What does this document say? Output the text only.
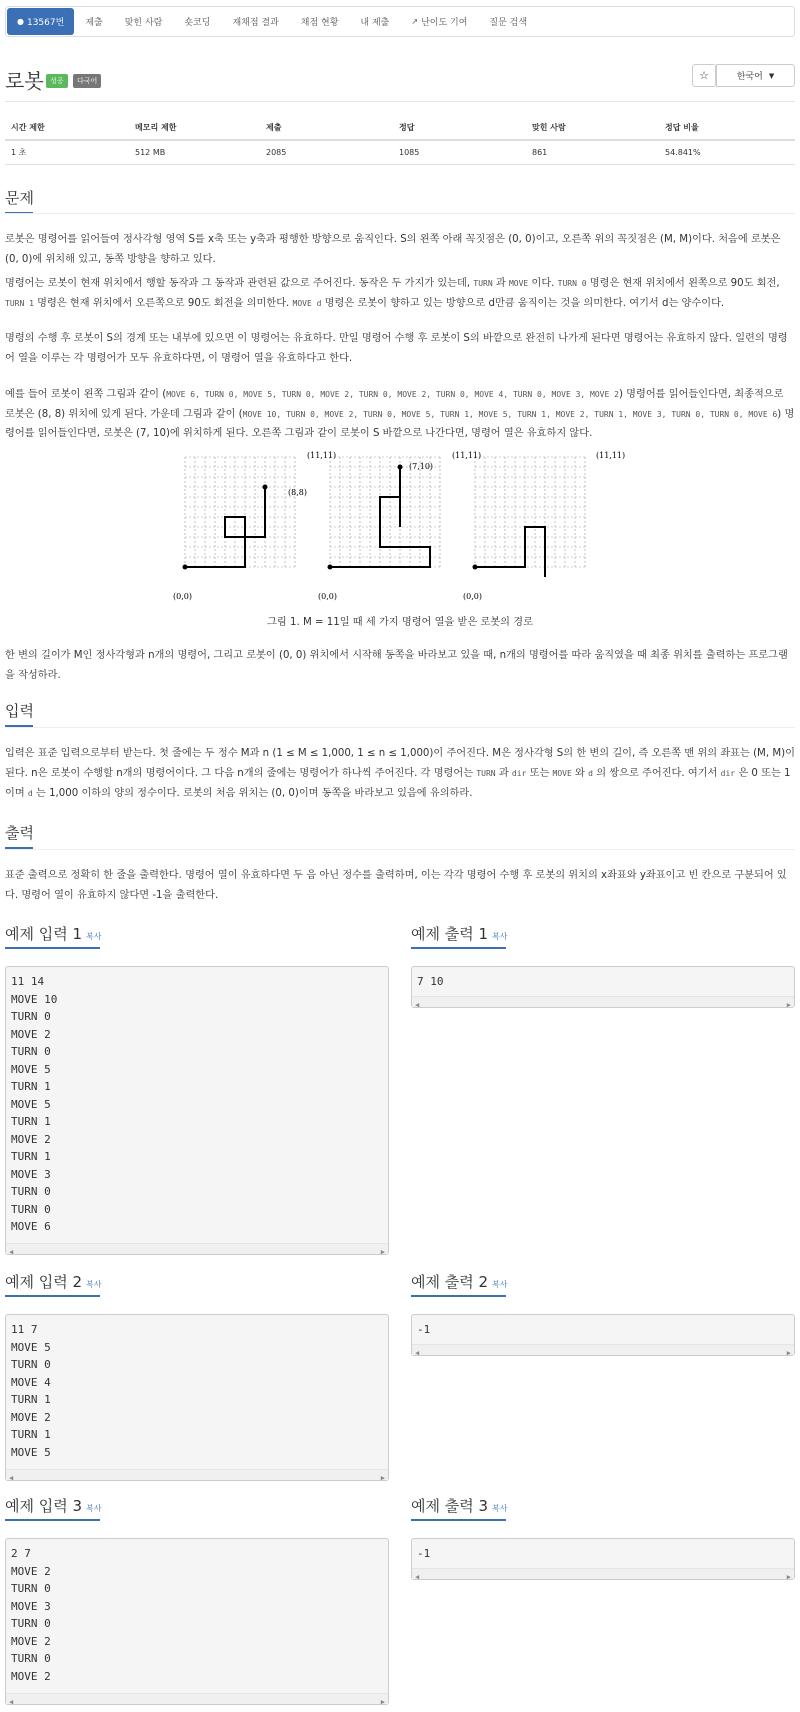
● 13567번	제출	맞힌 사람	숏코딩	재채점 결과	채점 현황	내 제출	↗ 난이도 기여	질문 검색
로봇 성공	다국어	☆	한국어 ▼
시간 제한	메모리 제한	제출	정답	맞힌 사람	정답 비율
1 초	512 MB	2085	1085	861	54.841%
문제
로봇은 명령어를 읽어들여 정사각형 영역 S를 x축 또는 y축과 평행한 방향으로 움직인다. S의 왼쪽 아래 꼭짓점은 (0, 0)이고, 오른쪽 위의 꼭짓점은 (M, M)이다. 처음에 로봇은 (0, 0)에 위치해 있고, 동쪽 방향을 향하고 있다.
명령어는 로봇이 현재 위치에서 행할 동작과 그 동작과 관련된 값으로 주어진다. 동작은 두 가지가 있는데, TURN 과 MOVE 이다. TURN 0 명령은 현재 위치에서 왼쪽으로 90도 회전, TURN 1 명령은 현재 위치에서 오른쪽으로 90도 회전을 의미한다. MOVE d 명령은 로봇이 향하고 있는 방향으로 d만큼 움직이는 것을 의미한다. 여기서 d는 양수이다.
명령의 수행 후 로봇이 S의 경계 또는 내부에 있으면 이 명령어는 유효하다. 만일 명령어 수행 후 로봇이 S의 바깥으로 완전히 나가게 된다면 명령어는 유효하지 않다. 일련의 명령어 열을 이루는 각 명령어가 모두 유효하다면, 이 명령어 열을 유효하다고 한다.
예를 들어 로봇이 왼쪽 그림과 같이 (MOVE 6, TURN 0, MOVE 5, TURN 0, MOVE 2, TURN 0, MOVE 2, TURN 0, MOVE 4, TURN 0, MOVE 3, MOVE 2) 명령어를 읽어들인다면, 최종적으로 로봇은 (8, 8) 위치에 있게 된다. 가운데 그림과 같이 (MOVE 10, TURN 0, MOVE 2, TURN 0, MOVE 5, TURN 1, MOVE 5, TURN 1, MOVE 2, TURN 1, MOVE 3, TURN 0, TURN 0, MOVE 6) 명령어를 읽어들인다면, 로봇은 (7, 10)에 위치하게 된다. 오른쪽 그림과 같이 로봇이 S 바깥으로 나간다면, 명령어 열은 유효하지 않다.
(0,0)
(11,11)
(8,8)
(0,0)
(11,11)
(7,10)
(0,0)
(11,11)
그림 1. M = 11일 때 세 가지 명령어 열을 받은 로봇의 경로
한 변의 길이가 M인 정사각형과 n개의 명령어, 그리고 로봇이 (0, 0) 위치에서 시작해 동쪽을 바라보고 있을 때, n개의 명령어를 따라 움직였을 때 최종 위치를 출력하는 프로그램을 작성하라.
입력
입력은 표준 입력으로부터 받는다. 첫 줄에는 두 정수 M과 n (1 ≤ M ≤ 1,000, 1 ≤ n ≤ 1,000)이 주어진다. M은 정사각형 S의 한 변의 길이, 즉 오른쪽 맨 위의 좌표는 (M, M)이 된다. n은 로봇이 수행할 n개의 명령어이다. 그 다음 n개의 줄에는 명령어가 하나씩 주어진다. 각 명령어는 TURN 과 dir 또는 MOVE 와 d 의 쌍으로 주어진다. 여기서 dir 은 0 또는 1이며 d 는 1,000 이하의 양의 정수이다. 로봇의 처음 위치는 (0, 0)이며 동쪽을 바라보고 있음에 유의하라.
출력
표준 출력으로 정확히 한 줄을 출력한다. 명령어 열이 유효하다면 두 음 아닌 정수를 출력하며, 이는 각각 명령어 수행 후 로봇의 위치의 x좌표와 y좌표이고 빈 칸으로 구분되어 있다. 명령어 열이 유효하지 않다면 -1을 출력한다.
예제 입력 1 복사	예제 출력 1 복사
11 14
MOVE 10
TURN 0
MOVE 2
TURN 0
MOVE 5
TURN 1
MOVE 5
TURN 1
MOVE 2
TURN 1
MOVE 3
TURN 0
TURN 0
MOVE 6
◀	▶
7 10
◀	▶
예제 입력 2 복사	예제 출력 2 복사
11 7
MOVE 5
TURN 0
MOVE 4
TURN 1
MOVE 2
TURN 1
MOVE 5
◀	▶
-1
◀	▶
예제 입력 3 복사	예제 출력 3 복사
2 7
MOVE 2
TURN 0
MOVE 3
TURN 0
MOVE 2
TURN 0
MOVE 2
◀	▶
-1
◀	▶
